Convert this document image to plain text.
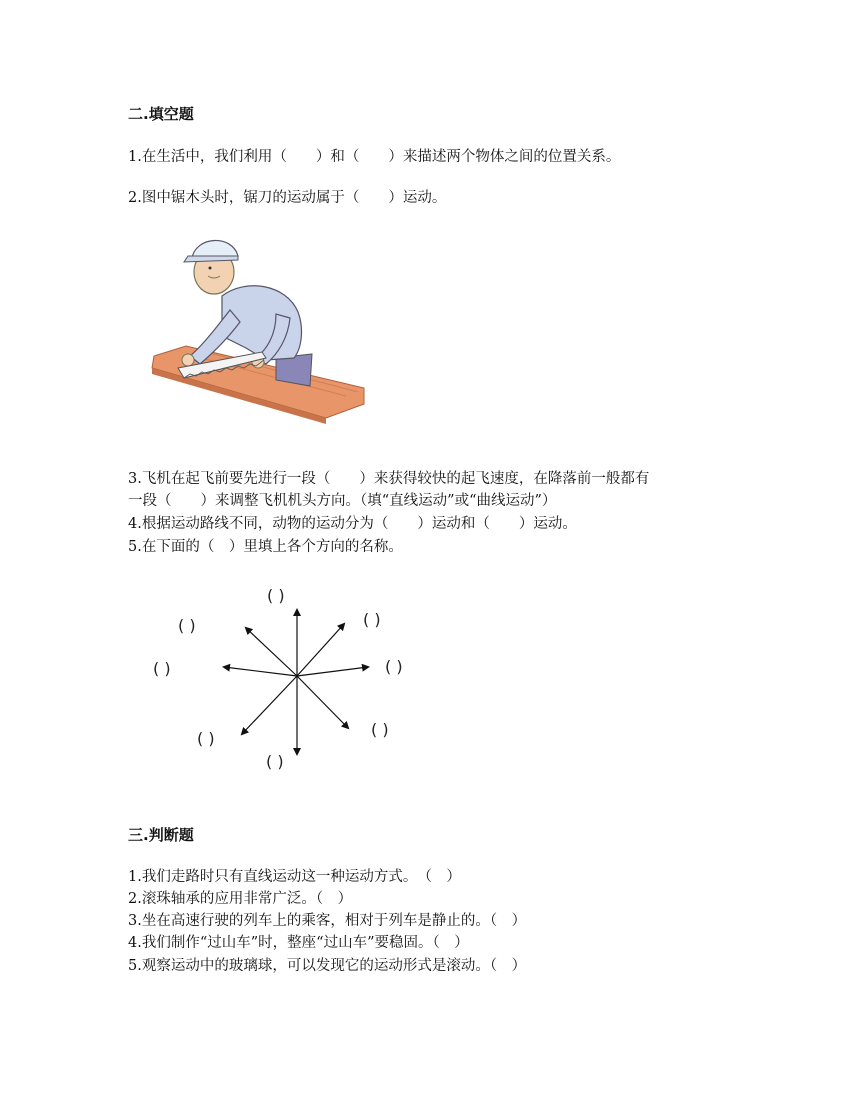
二.填空题
1.在生活中，我们利用（　　）和（　　）来描述两个物体之间的位置关系。
2.图中锯木头时，锯刀的运动属于（　　）运动。
3.飞机在起飞前要先进行一段（　　）来获得较快的起飞速度，在降落前一般都有
一段（　　）来调整飞机机头方向。（填“直线运动”或“曲线运动”）
4.根据运动路线不同，动物的运动分为（　　）运动和（　　）运动。
5.在下面的（　）里填上各个方向的名称。
( )
( )
( )
( )	( )
( )
( )
( )
三.判断题
1.我们走路时只有直线运动这一种运动方式。　（　）
2.滚珠轴承的应用非常广泛。（　）
3.坐在高速行驶的列车上的乘客，相对于列车是静止的。（　）
4.我们制作“过山车”时，整座“过山车”要稳固。（　）
5.观察运动中的玻璃球，可以发现它的运动形式是滚动。（　）
